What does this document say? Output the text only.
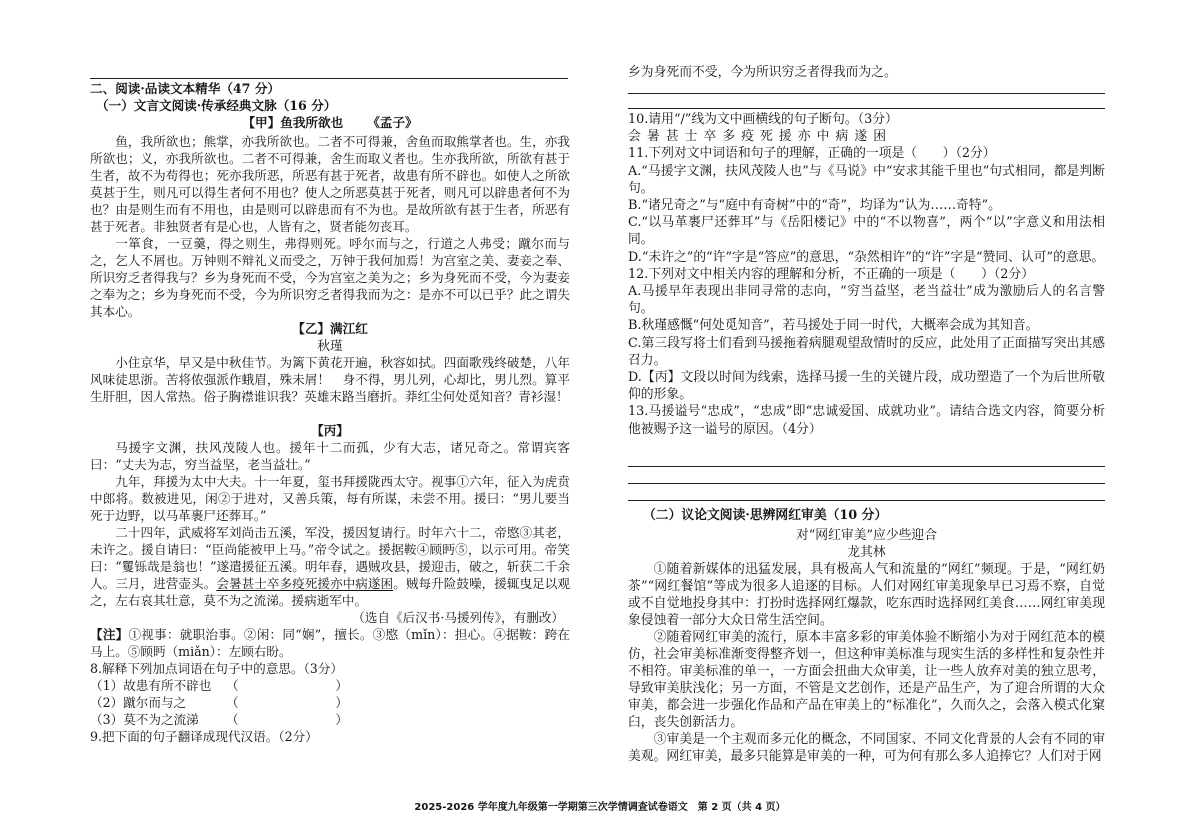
二、阅读·品读文本精华（47 分）
（一）文言文阅读·传承经典文脉（16 分）
【甲】鱼我所欲也 《孟子》

鱼，我所欲也；熊掌，亦我所欲也。二者不可得兼，舍鱼而取熊掌者也。生，亦我所欲也；义，亦我所欲也。二者不可得兼，舍生而取义者也。生亦我所欲，所欲有甚于生者，故不为苟得也；死亦我所恶，所恶有甚于死者，故患有所不辟也。如使人之所欲莫甚于生，则凡可以得生者何不用也？使人之所恶莫甚于死者，则凡可以辟患者何不为也？由是则生而有不用也，由是则可以辟患而有不为也。是故所欲有甚于生者，所恶有甚于死者。非独贤者有是心也，人皆有之，贤者能勿丧耳。

一箪食，一豆羹，得之则生，弗得则死。呼尔而与之，行道之人弗受；蹴尔而与之，乞人不屑也。万钟则不辩礼义而受之，万钟于我何加焉！为宫室之美、妻妾之奉、所识穷乏者得我与？乡为身死而不受，今为宫室之美为之；乡为身死而不受，今为妻妾之奉为之；乡为身死而不受，今为所识穷乏者得我而为之：是亦不可以已乎？此之谓失其本心。

【乙】满江红
秋瑾

小住京华，早又是中秋佳节。为篱下黄花开遍，秋容如拭。四面歌残终破楚，八年风味徒思浙。苦将侬强派作蛾眉，殊未屑！　身不得，男儿列，心却比，男儿烈。算平生肝胆，因人常热。俗子胸襟谁识我？英雄末路当磨折。莽红尘何处觅知音？青衫湿！

【丙】

马援字文渊，扶风茂陵人也。援年十二而孤，少有大志，诸兄奇之。常谓宾客曰：“丈夫为志，穷当益坚，老当益壮。”

九年，拜援为太中大夫。十一年夏，玺书拜援陇西太守。视事①六年，征入为虎贲中郎将。数被进见，闲②于进对，又善兵策，每有所谋，未尝不用。援曰：“男儿要当死于边野，以马革裹尸还葬耳。”

二十四年，武威将军刘尚击五溪，军没，援因复请行。时年六十二，帝愍③其老，未许之。援自请曰：“臣尚能被甲上马。”帝令试之。援据鞍④顾眄⑤，以示可用。帝笑曰：“矍铄哉是翁也！”遂遣援征五溪。明年春，遇贼攻县，援迎击，破之，斩获二千余人。三月，进营壶头。会暑甚士卒多疫死援亦中病遂困。贼每升险鼓噪，援辄曳足以观之，左右哀其壮意，莫不为之流涕。援病逝军中。

（选自《后汉书·马援列传》，有删改）

【注】①视事：就职治事。②闲：同“娴”，擅长。③愍（mǐn）：担心。④据鞍：跨在马上。⑤顾眄（miǎn）：左顾右盼。

8.解释下列加点词语在句子中的意思。（3分）
（1）故患有所不辟也 （	）
（2）蹴尔而与之	（	）
（3）莫不为之流涕 （	）
9.把下面的句子翻译成现代汉语。（2分）
乡为身死而不受，今为所识穷乏者得我而为之。
10.请用“/”线为文中画横线的句子断句。（3分）
会 暑 甚 士 卒 多 疫 死 援 亦 中 病 遂 困
11.下列对文中词语和句子的理解，正确的一项是（　　）（2分）

A.“马援字文渊，扶风茂陵人也”与《马说》中“安求其能千里也”句式相同，都是判断句。

B.“诸兄奇之”与“庭中有奇树”中的“奇”，均译为“认为……奇特”。

C.“以马革裹尸还葬耳”与《岳阳楼记》中的“不以物喜”，两个“以”字意义和用法相同。

D.“未许之”的“许”字是“答应”的意思，“杂然相许”的“许”字是“赞同、认可”的意思。

12.下列对文中相关内容的理解和分析，不正确的一项是（　　）（2分）

A.马援早年表现出非同寻常的志向，“穷当益坚，老当益壮”成为激励后人的名言警句。

B.秋瑾感慨“何处觅知音”，若马援处于同一时代，大概率会成为其知音。

C.第三段写将士们看到马援拖着病腿观望敌情时的反应，此处用了正面描写突出其感召力。

D.【丙】文段以时间为线索，选择马援一生的关键片段，成功塑造了一个为后世所敬仰的形象。

13.马援谥号“忠成”，“忠成”即“忠诚爱国、成就功业”。请结合选文内容，简要分析他被赐予这一谥号的原因。（4分）

（二）议论文阅读·思辨网红审美（10 分）
对“网红审美”应少些迎合
龙其林

①随着新媒体的迅猛发展，具有极高人气和流量的“网红”频现。于是，“网红奶茶”“网红餐馆”等成为很多人追逐的目标。人们对网红审美现象早已习焉不察，自觉或不自觉地投身其中：打扮时选择网红爆款，吃东西时选择网红美食……网红审美现象侵蚀着一部分大众日常生活空间。

②随着网红审美的流行，原本丰富多彩的审美体验不断缩小为对于网红范本的模仿，社会审美标准渐变得整齐划一，但这种审美标准与现实生活的多样性和复杂性并不相符。审美标准的单一，一方面会扭曲大众审美，让一些人放弃对美的独立思考，导致审美肤浅化；另一方面，不管是文艺创作，还是产品生产，为了迎合所谓的大众审美，都会进一步强化作品和产品在审美上的“标准化”，久而久之，会落入模式化窠臼，丧失创新活力。

③审美是一个主观而多元化的概念，不同国家、不同文化背景的人会有不同的审美观。网红审美，最多只能算是审美的一种，可为何有那么多人追捧它？人们对于网

2025-2026 学年度九年级第一学期第三次学情调查试卷语文　第 2 页（共 4 页）
